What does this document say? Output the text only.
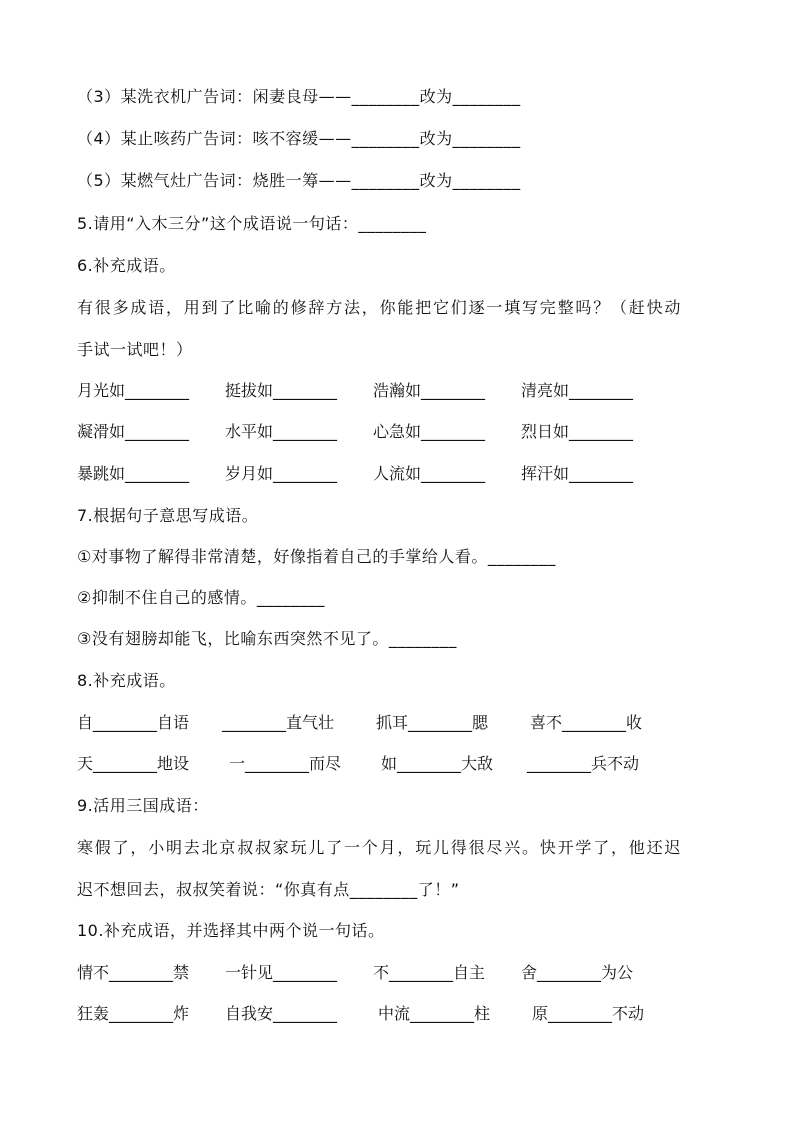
（3）某洗衣机广告词：闲妻良母——________改为________
（4）某止咳药广告词：咳不容缓——________改为________
（5）某燃气灶广告词：烧胜一筹——________改为________
5.请用“入木三分”这个成语说一句话：________
6.补充成语。
有很多成语，用到了比喻的修辞方法，你能把它们逐一填写完整吗？（赶快动
手试一试吧！）
月光如________ 挺拔如________ 浩瀚如________ 清亮如________
凝滑如________ 水平如________ 心急如________ 烈日如________
暴跳如________ 岁月如________ 人流如________ 挥汗如________
7.根据句子意思写成语。
①对事物了解得非常清楚，好像指着自己的手掌给人看。________
②抑制不住自己的感情。________
③没有翅膀却能飞，比喻东西突然不见了。________
8.补充成语。
自________自语 ________直气壮	抓耳________腮	喜不________收
天________地设 一________而尽 如________大敌 ________兵不动
9.活用三国成语：
寒假了，小明去北京叔叔家玩儿了一个月，玩儿得很尽兴。快开学了，他还迟
迟不想回去，叔叔笑着说：“你真有点________了！”
10.补充成语，并选择其中两个说一句话。
情不________禁 一针见________ 不________自主 舍________为公
狂轰________炸 自我安________	中流________柱	原________不动
